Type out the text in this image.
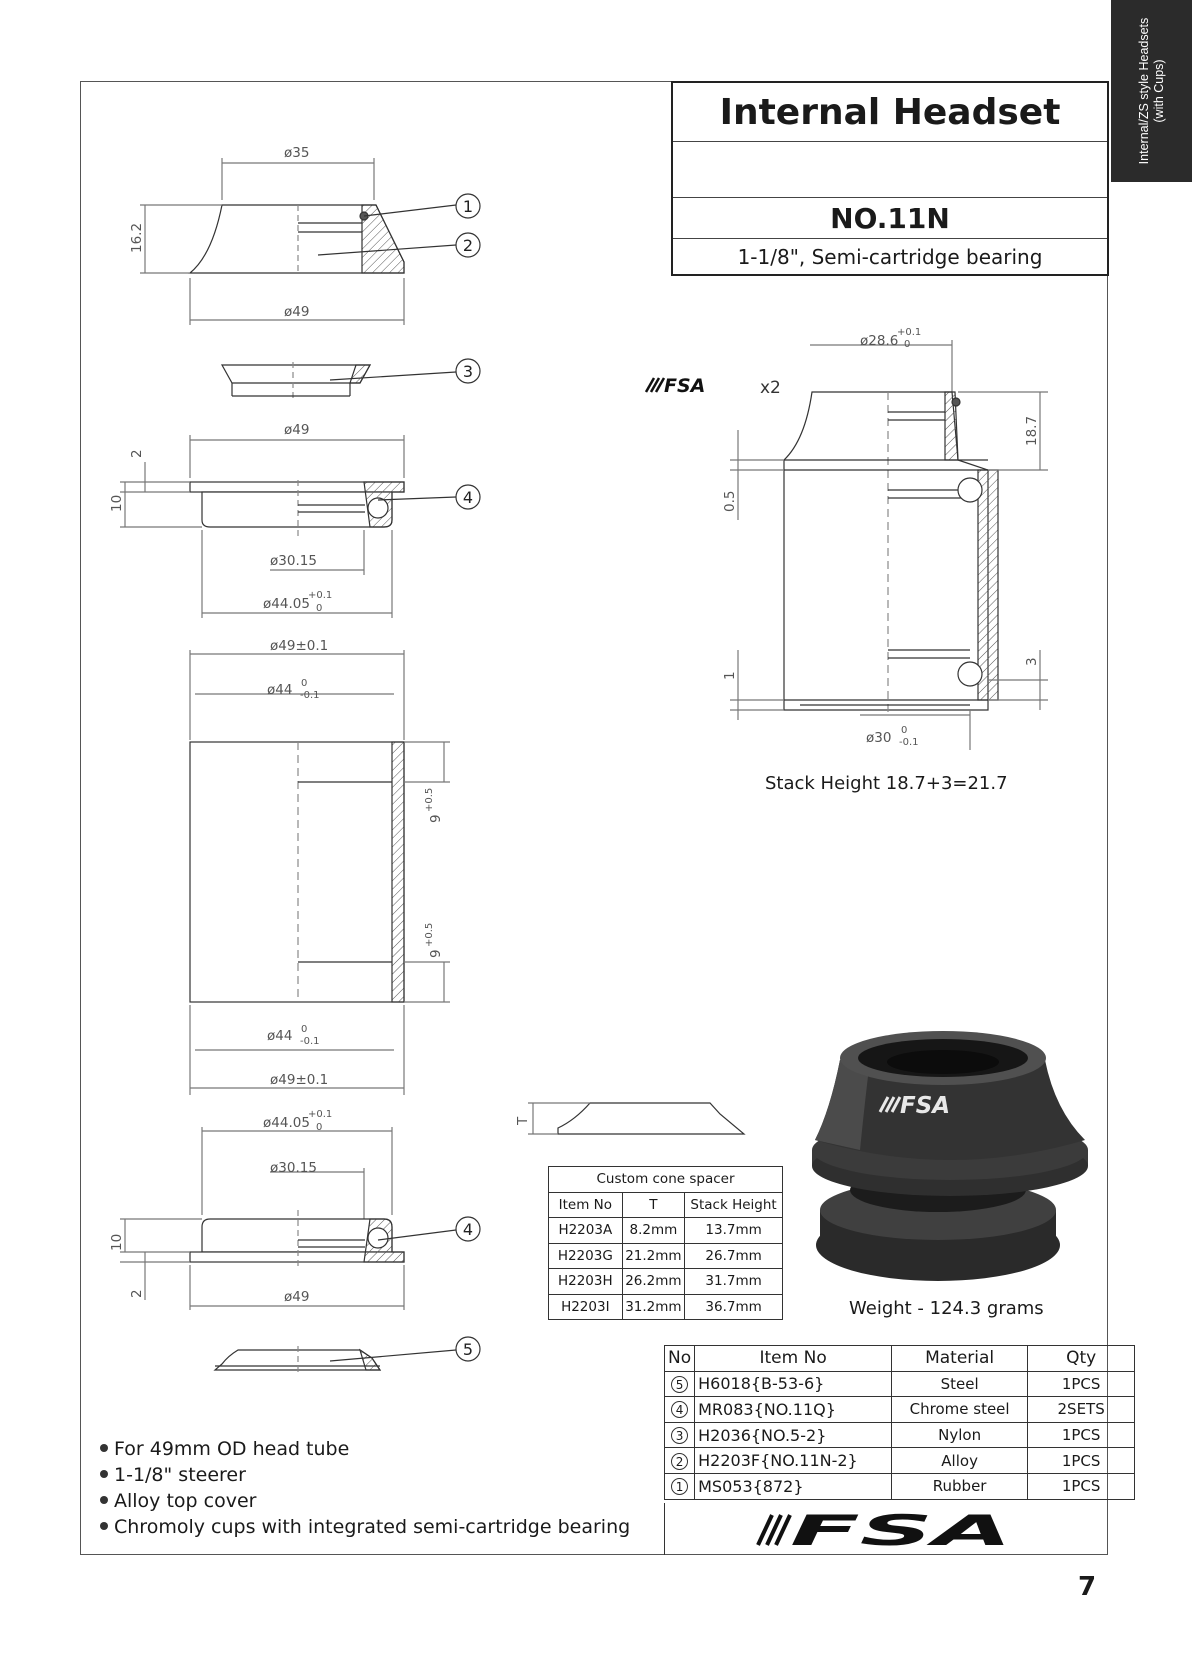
Internal/ZS style Headsets (with Cups)
Internal Headset
NO.11N
1-1/8", Semi-cartridge bearing
1
2
3
4
4
5
ø35
16.2
ø49
ø49
2
10
ø30.15
ø44.05
+0.1
0
ø49±0.1
ø44 0
-0.1
9
+0.5
9
+0.5
ø44 0
-0.1
ø49±0.1
ø44.05
+0.1
0
ø30.15
10
2	ø49
T
ø28.6
+0.1
0
18.7
0.5
1
3
ø30 0
-0.1
FSA	x2
FSA
FSA
Stack Height 18.7+3=21.7
Weight - 124.3 grams
Custom cone spacer		
Item No	T	Stack Height
H2203A	8.2mm	13.7mm
H2203G	21.2mm	26.7mm
H2203H	26.2mm	31.7mm
H2203I	31.2mm	36.7mm
No	Item No	Material	Qty
5	H6018{B-53-6}	Steel	1PCS
4	MR083{NO.11Q}	Chrome steel	2SETS
3	H2036{NO.5-2}	Nylon	1PCS
2	H2203F{NO.11N-2}	Alloy	1PCS
1	MS053{872}	Rubber	1PCS
For 49mm OD head tube
1-1/8" steerer
Alloy top cover
Chromoly cups with integrated semi-cartridge bearing
7
